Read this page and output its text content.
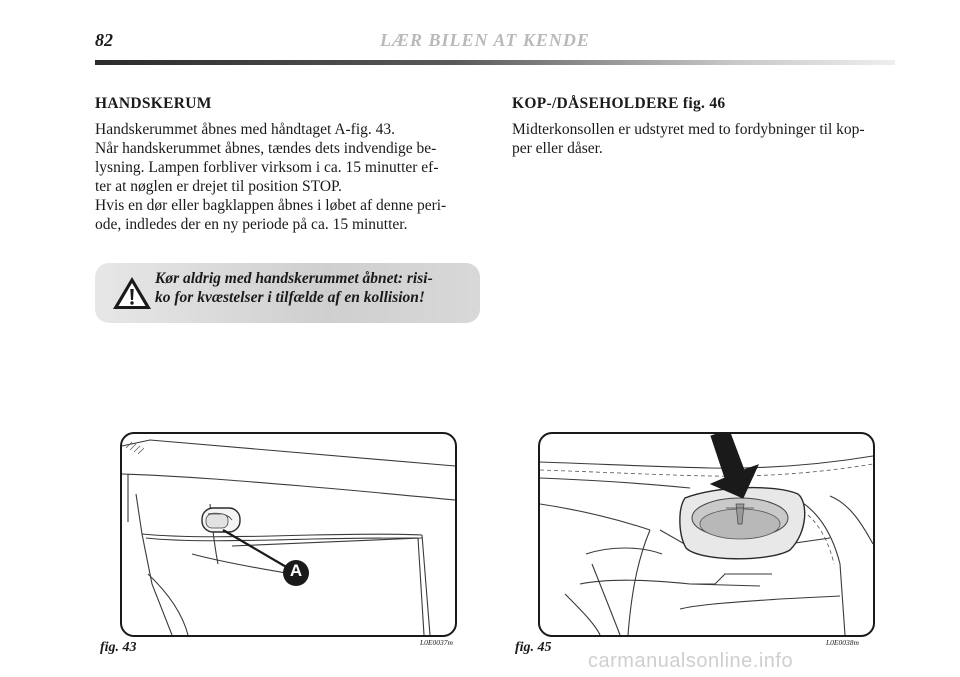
82	LÆR BILEN AT KENDE

HANDSKERUM

Handskerummet åbnes med håndtaget A-fig. 43.
Når handskerummet åbnes, tændes dets indvendige be-
lysning. Lampen forbliver virksom i ca. 15 minutter ef-
ter at nøglen er drejet til position STOP.
Hvis en dør eller bagklappen åbnes i løbet af denne peri-
ode, indledes der en ny periode på ca. 15 minutter.

Kør aldrig med handskerummet åbnet: risi-
ko for kvæstelser i tilfælde af en kollision!

KOP-/DÅSEHOLDERE fig. 46

Midterkonsollen er udstyret med to fordybninger til kop-
per eller dåser.

A
fig. 43	L0E0037m	fig. 45	L0E0038m
carmanualsonline.info
